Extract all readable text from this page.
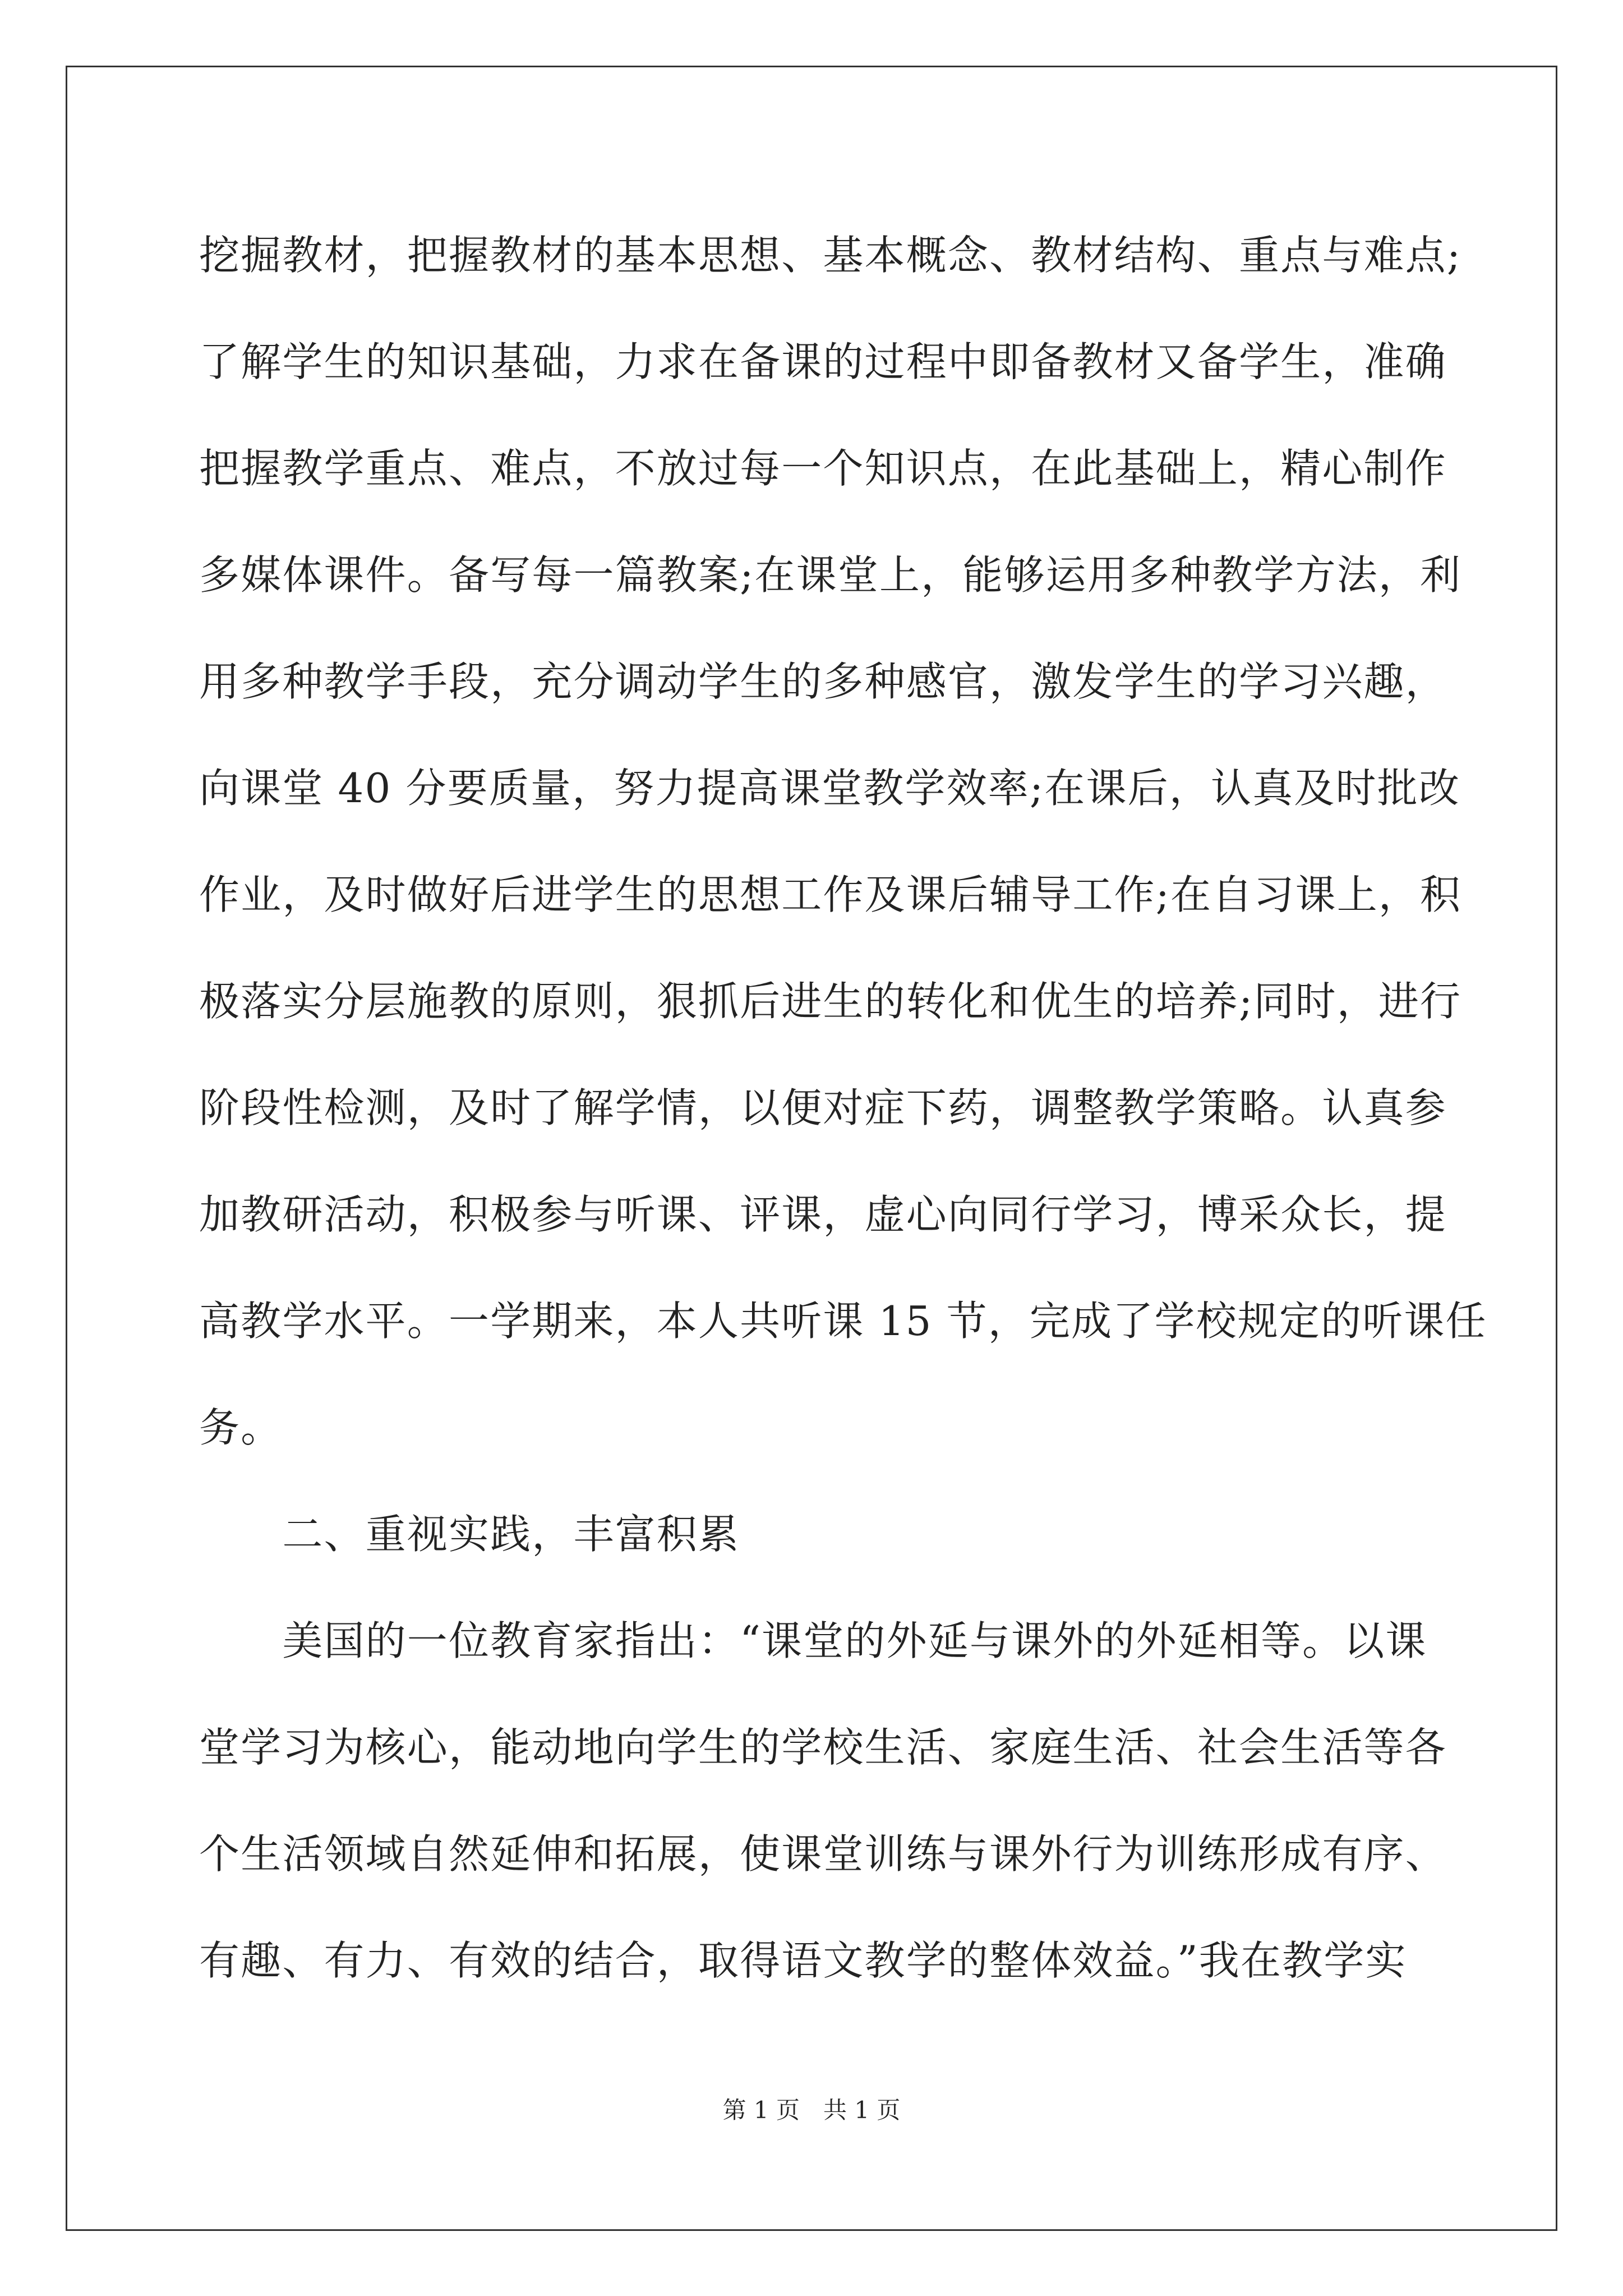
挖掘教材，把握教材的基本思想、基本概念、教材结构、重点与难点;
了解学生的知识基础，力求在备课的过程中即备教材又备学生，准确
把握教学重点、难点，不放过每一个知识点，在此基础上，精心制作
多媒体课件。备写每一篇教案;在课堂上，能够运用多种教学方法，利
用多种教学手段，充分调动学生的多种感官，激发学生的学习兴趣，
向课堂 40 分要质量，努力提高课堂教学效率;在课后，认真及时批改
作业，及时做好后进学生的思想工作及课后辅导工作;在自习课上，积
极落实分层施教的原则，狠抓后进生的转化和优生的培养;同时，进行
阶段性检测，及时了解学情，以便对症下药，调整教学策略。认真参
加教研活动，积极参与听课、评课，虚心向同行学习，博采众长，提
高教学水平。一学期来，本人共听课 15 节，完成了学校规定的听课任
务。
　　二、重视实践，丰富积累
　　美国的一位教育家指出：“课堂的外延与课外的外延相等。以课
堂学习为核心，能动地向学生的学校生活、家庭生活、社会生活等各
个生活领域自然延伸和拓展，使课堂训练与课外行为训练形成有序、
有趣、有力、有效的结合，取得语文教学的整体效益。”我在教学实
第 1 页　共 1 页
